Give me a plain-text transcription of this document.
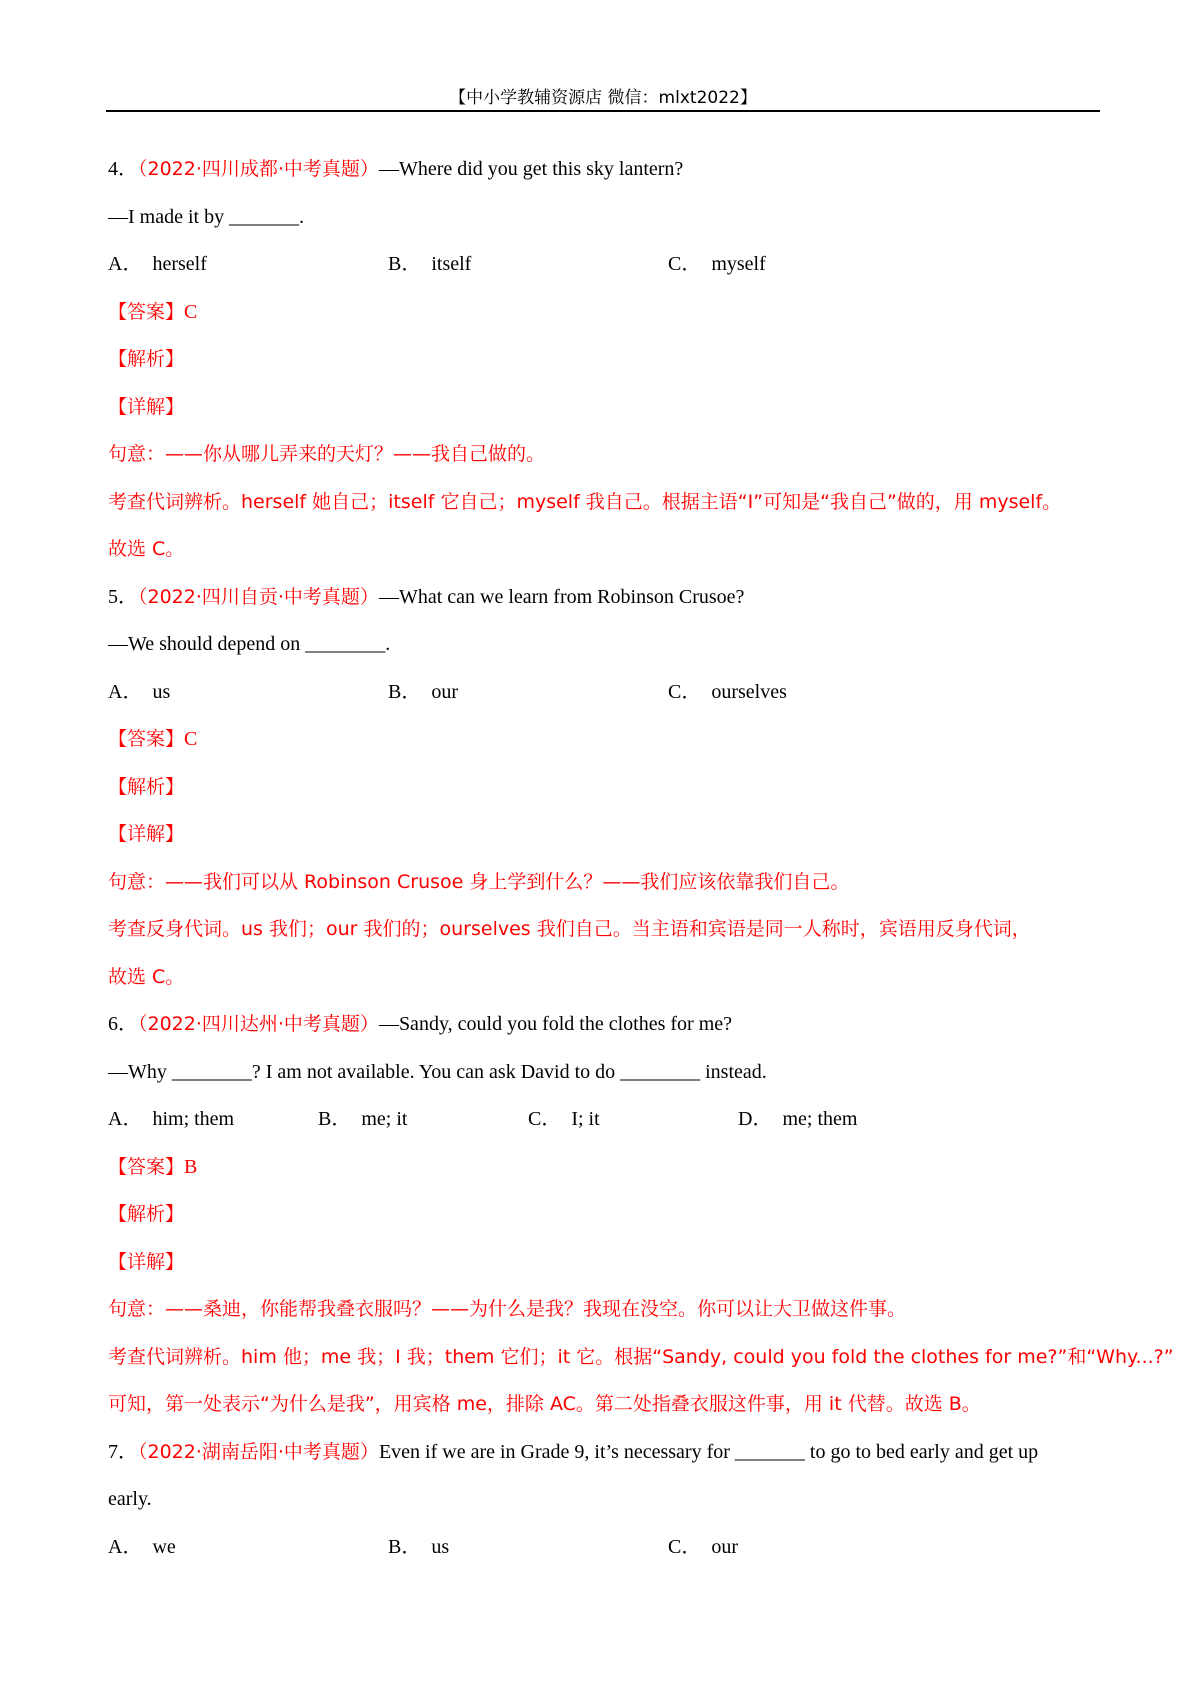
【中小学教辅资源店 微信：mlxt2022】
4．（2022·四川成都·中考真题）—Where did you get this sky lantern?
—I made it by _______.
A． herself	B． itself	C． myself
【答案】C
【解析】
【详解】
句意：——你从哪儿弄来的天灯？——我自己做的。
考查代词辨析。herself 她自己；itself 它自己；myself 我自己。根据主语“I”可知是“我自己”做的，用 myself。
故选 C。
5．（2022·四川自贡·中考真题）—What can we learn from Robinson Crusoe?
—We should depend on ________.
A． us	B． our	C． ourselves
【答案】C
【解析】
【详解】
句意：——我们可以从 Robinson Crusoe 身上学到什么？——我们应该依靠我们自己。
考查反身代词。us 我们；our 我们的；ourselves 我们自己。当主语和宾语是同一人称时，宾语用反身代词，
故选 C。
6．（2022·四川达州·中考真题）—Sandy, could you fold the clothes for me?
—Why ________? I am not available. You can ask David to do ________ instead.
A． him; them	B． me; it	C． I; it	D． me; them
【答案】B
【解析】
【详解】
句意：——桑迪，你能帮我叠衣服吗？——为什么是我？我现在没空。你可以让大卫做这件事。
考查代词辨析。him 他；me 我；I 我；them 它们；it 它。根据“Sandy, could you fold the clothes for me?”和“Why...?”
可知，第一处表示“为什么是我”，用宾格 me，排除 AC。第二处指叠衣服这件事，用 it 代替。故选 B。
7．（2022·湖南岳阳·中考真题）Even if we are in Grade 9, it’s necessary for _______ to go to bed early and get up
early.
A． we	B． us	C． our
